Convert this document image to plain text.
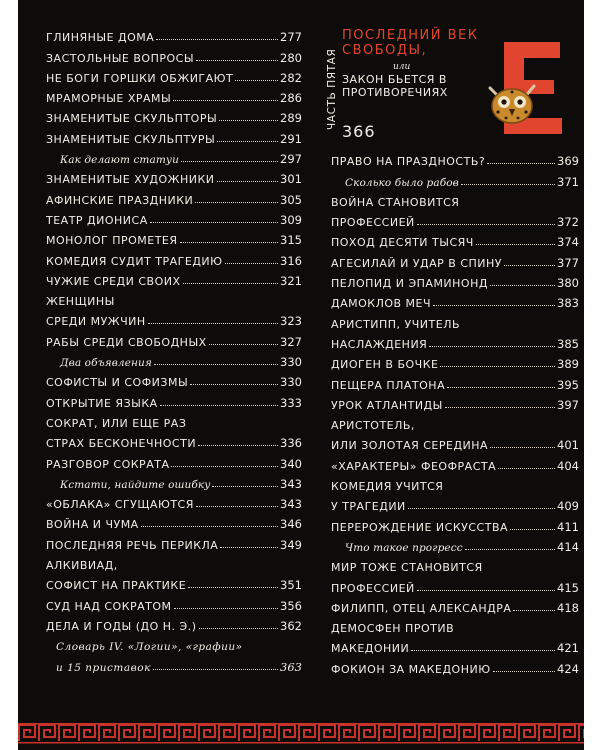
ГЛИНЯНЫЕ ДОМА	277
ЗАСТОЛЬНЫЕ ВОПРОСЫ	280
НЕ БОГИ ГОРШКИ ОБЖИГАЮТ	282
МРАМОРНЫЕ ХРАМЫ	286
ЗНАМЕНИТЫЕ СКУЛЬПТОРЫ	289
ЗНАМЕНИТЫЕ СКУЛЬПТУРЫ	291
Как делают статуи	297
ЗНАМЕНИТЫЕ ХУДОЖНИКИ	301
АФИНСКИЕ ПРАЗДНИКИ	305
ТЕАТР ДИОНИСА	309
МОНОЛОГ ПРОМЕТЕЯ	315
КОМЕДИЯ СУДИТ ТРАГЕДИЮ	316
ЧУЖИЕ СРЕДИ СВОИХ	321
ЖЕНЩИНЫ
СРЕДИ МУЖЧИН	323
РАБЫ СРЕДИ СВОБОДНЫХ	327
Два объявления	330
СОФИСТЫ И СОФИЗМЫ	330
ОТКРЫТИЕ ЯЗЫКА	333
СОКРАТ, ИЛИ ЕЩЕ РАЗ
СТРАХ БЕСКОНЕЧНОСТИ	336
РАЗГОВОР СОКРАТА	340
Кстати, найдите ошибку	343
«ОБЛАКА» СГУЩАЮТСЯ	343
ВОЙНА И ЧУМА	346
ПОСЛЕДНЯЯ РЕЧЬ ПЕРИКЛА	349
АЛКИВИАД,
СОФИСТ НА ПРАКТИКЕ	351
СУД НАД СОКРАТОМ	356
ДЕЛА И ГОДЫ (ДО Н. Э.)	362
Словарь IV. «Логии», «графии»
и 15 приставок	363
ЧАСТЬ ПЯТАЯ
ПОСЛЕДНИЙ ВЕК СВОБОДЫ,
или
ЗАКОН БЬЕТСЯ В ПРОТИВОРЕЧИЯХ
366
ПРАВО НА ПРАЗДНОСТЬ?	369
Сколько было рабов	371
ВОЙНА СТАНОВИТСЯ
ПРОФЕССИЕЙ	372
ПОХОД ДЕСЯТИ ТЫСЯЧ	374
АГЕСИЛАЙ И УДАР В СПИНУ	377
ПЕЛОПИД И ЭПАМИНОНД	380
ДАМОКЛОВ МЕЧ	383
АРИСТИПП, УЧИТЕЛЬ
НАСЛАЖДЕНИЯ	385
ДИОГЕН В БОЧКЕ	389
ПЕЩЕРА ПЛАТОНА	395
УРОК АТЛАНТИДЫ	397
АРИСТОТЕЛЬ,
ИЛИ ЗОЛОТАЯ СЕРЕДИНА	401
«ХАРАКТЕРЫ» ФЕОФРАСТА	404
КОМЕДИЯ УЧИТСЯ
У ТРАГЕДИИ	409
ПЕРЕРОЖДЕНИЕ ИСКУССТВА	411
Что такое прогресс	414
МИР ТОЖЕ СТАНОВИТСЯ
ПРОФЕССИЕЙ	415
ФИЛИПП, ОТЕЦ АЛЕКСАНДРА	418
ДЕМОСФЕН ПРОТИВ
МАКЕДОНИИ	421
ФОКИОН ЗА МАКЕДОНИЮ	424
